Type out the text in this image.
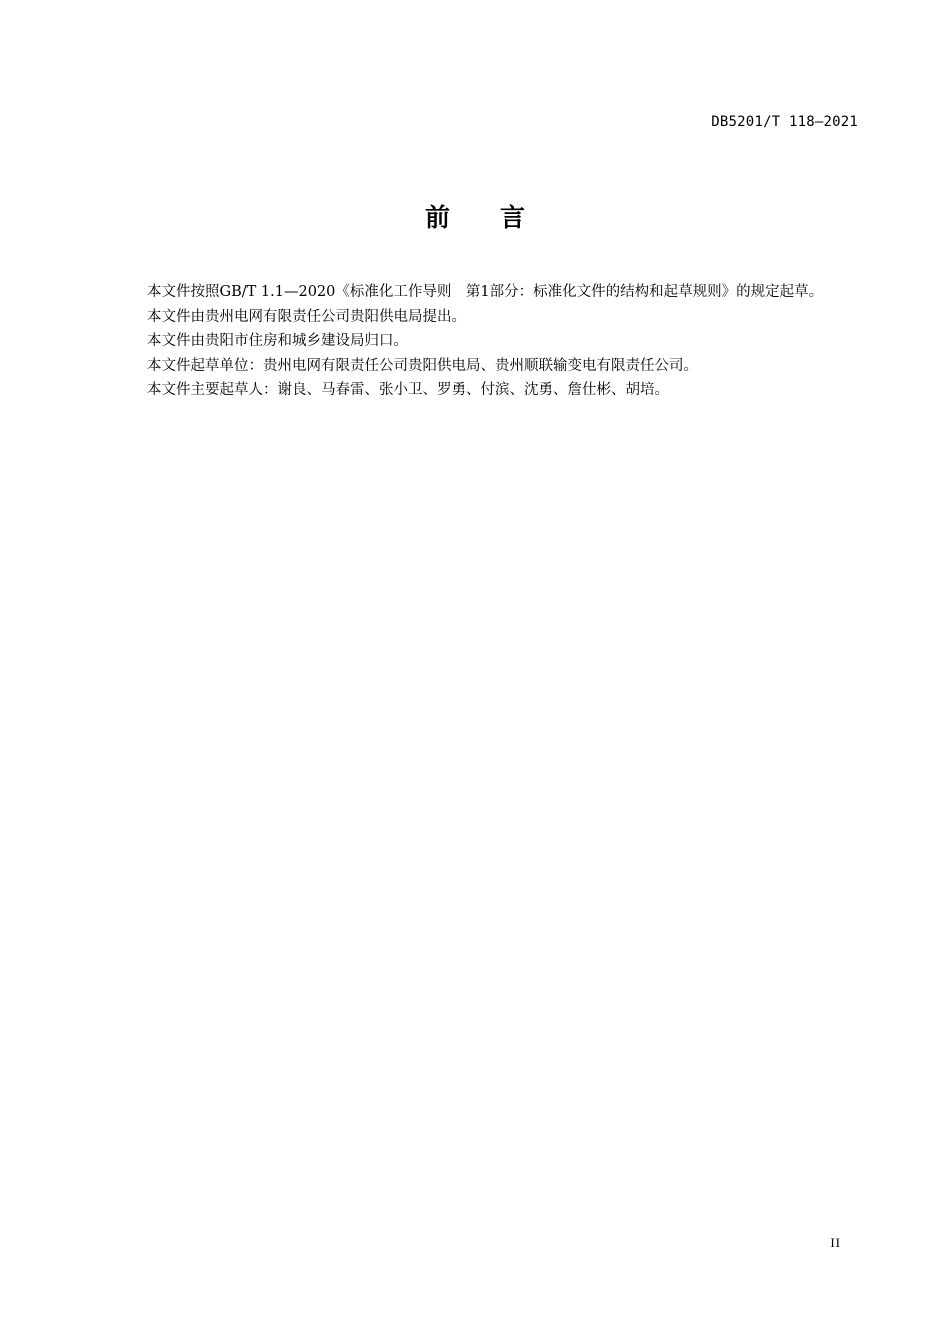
DB5201/T 118—2021
前 言

本文件按照GB/T 1.1—2020《标准化工作导则　第1部分：标准化文件的结构和起草规则》的规定起草。

本文件由贵州电网有限责任公司贵阳供电局提出。

本文件由贵阳市住房和城乡建设局归口。

本文件起草单位：贵州电网有限责任公司贵阳供电局、贵州顺联输变电有限责任公司。

本文件主要起草人：谢良、马春雷、张小卫、罗勇、付滨、沈勇、詹仕彬、胡培。

II
